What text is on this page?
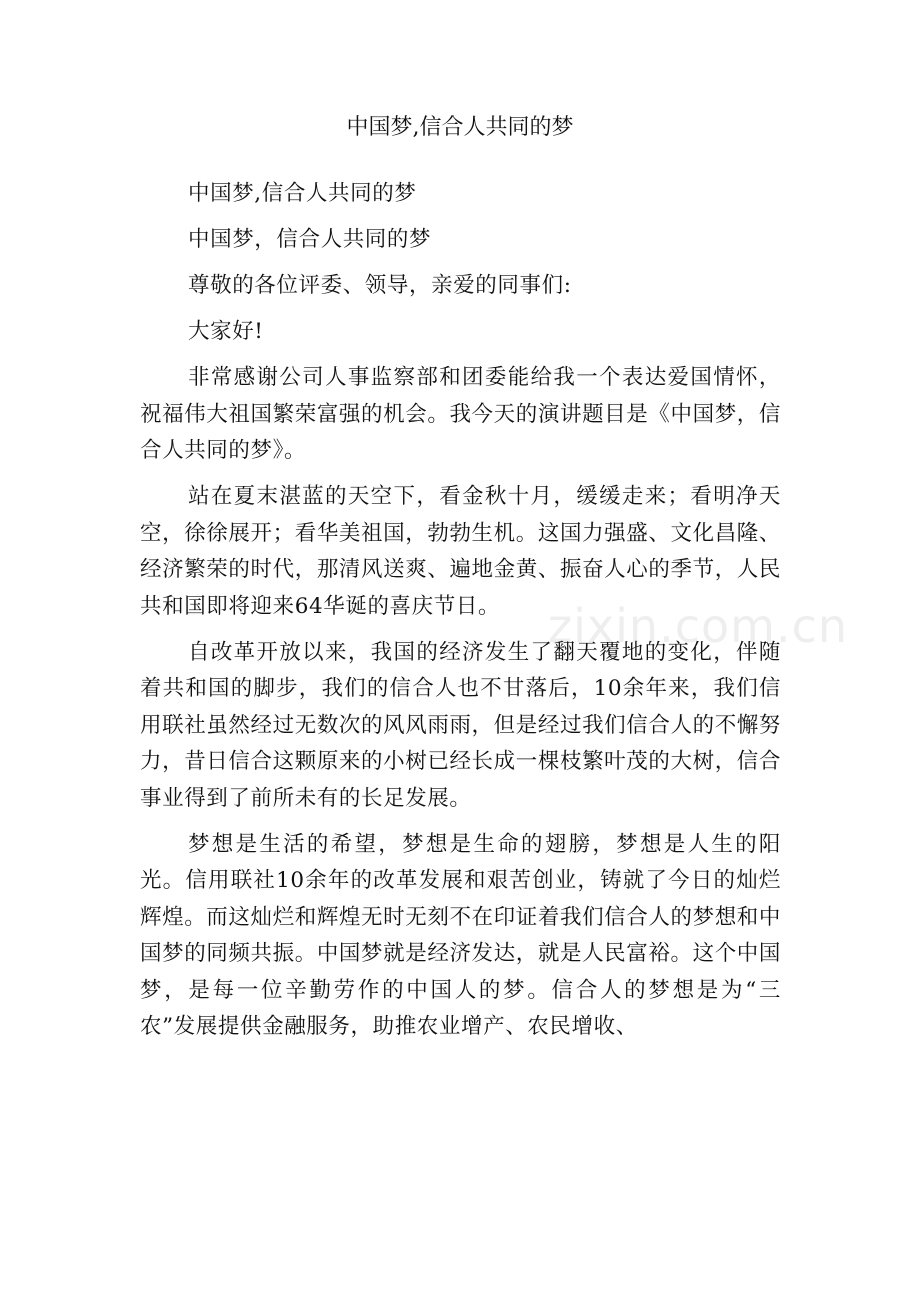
中国梦,信合人共同的梦

中国梦,信合人共同的梦

中国梦，信合人共同的梦

尊敬的各位评委、领导，亲爱的同事们:

大家好!

非常感谢公司人事监察部和团委能给我一个表达爱国情怀，祝福伟大祖国繁荣富强的机会。我今天的演讲题目是《中国梦，信合人共同的梦》。

站在夏末湛蓝的天空下，看金秋十月，缓缓走来；看明净天空，徐徐展开；看华美祖国，勃勃生机。这国力强盛、文化昌隆、经济繁荣的时代，那清风送爽、遍地金黄、振奋人心的季节，人民共和国即将迎来64华诞的喜庆节日。

自改革开放以来，我国的经济发生了翻天覆地的变化，伴随着共和国的脚步，我们的信合人也不甘落后，10余年来，我们信用联社虽然经过无数次的风风雨雨，但是经过我们信合人的不懈努力，昔日信合这颗原来的小树已经长成一棵枝繁叶茂的大树，信合事业得到了前所未有的长足发展。

梦想是生活的希望，梦想是生命的翅膀，梦想是人生的阳光。信用联社10余年的改革发展和艰苦创业，铸就了今日的灿烂辉煌。而这灿烂和辉煌无时无刻不在印证着我们信合人的梦想和中国梦的同频共振。中国梦就是经济发达，就是人民富裕。这个中国梦，是每一位辛勤劳作的中国人的梦。信合人的梦想是为“三农”发展提供金融服务，助推农业增产、农民增收、

zixin.com.cn
